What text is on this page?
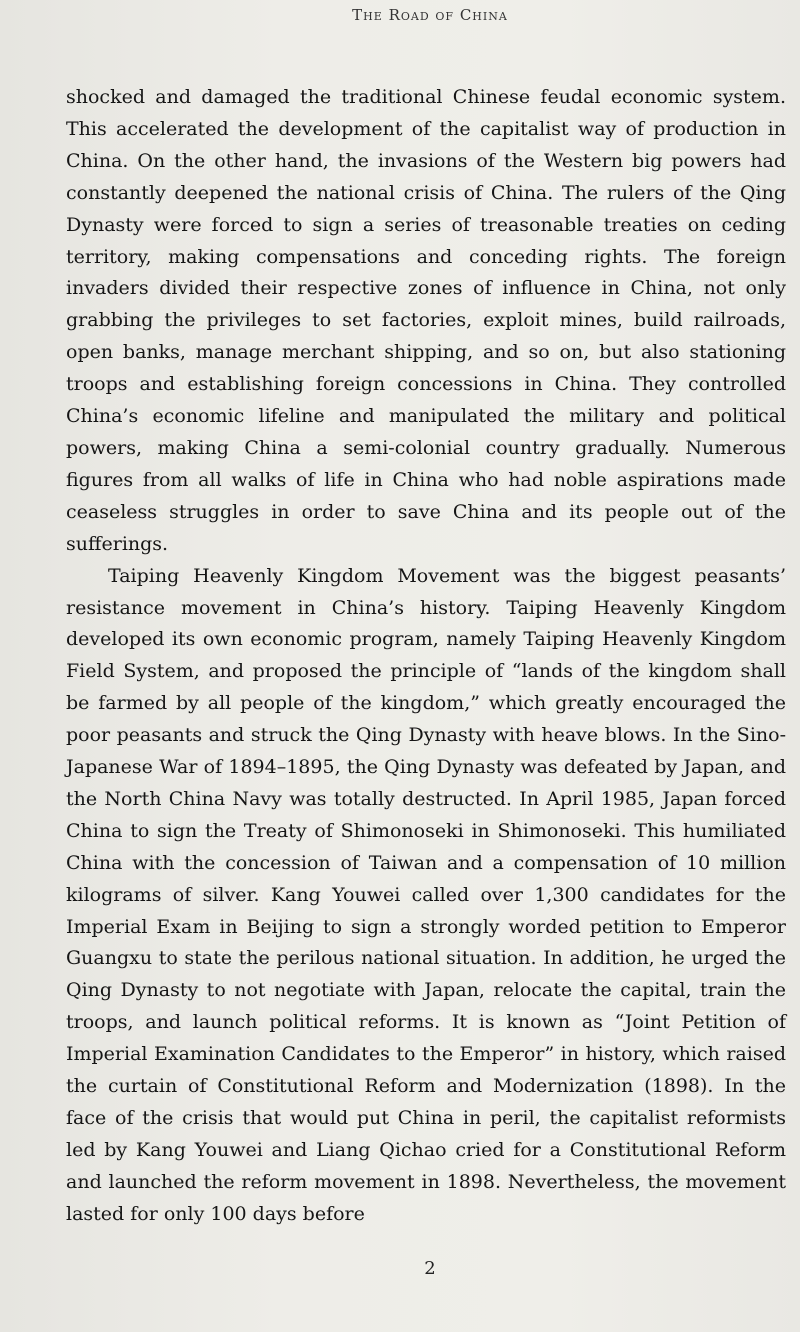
The Road of China

shocked and damaged the traditional Chinese feudal economic system. This accelerated the development of the capitalist way of production in China. On the other hand, the invasions of the Western big powers had constantly deepened the national crisis of China. The rulers of the Qing Dynasty were forced to sign a series of treasonable treaties on ceding territory, making compensations and conceding rights. The foreign invaders divided their respective zones of influence in China, not only grabbing the privileges to set factories, exploit mines, build railroads, open banks, manage merchant shipping, and so on, but also stationing troops and establishing foreign concessions in China. They controlled China’s economic lifeline and manipulated the military and political powers, making China a semi-colonial country gradually. Numerous figures from all walks of life in China who had noble aspirations made ceaseless struggles in order to save China and its people out of the sufferings.

Taiping Heavenly Kingdom Movement was the biggest peasants’ resistance movement in China’s history. Taiping Heavenly Kingdom developed its own economic program, namely Taiping Heavenly Kingdom Field System, and proposed the principle of “lands of the kingdom shall be farmed by all people of the kingdom,” which greatly encouraged the poor peasants and struck the Qing Dynasty with heave blows. In the Sino-Japanese War of 1894–1895, the Qing Dynasty was defeated by Japan, and the North China Navy was totally destructed. In April 1985, Japan forced China to sign the Treaty of Shimonoseki in Shimonoseki. This humiliated China with the concession of Taiwan and a compensation of 10 million kilograms of silver. Kang Youwei called over 1,300 candidates for the Imperial Exam in Beijing to sign a strongly worded petition to Emperor Guangxu to state the perilous national situation. In addition, he urged the Qing Dynasty to not negotiate with Japan, relocate the capital, train the troops, and launch political reforms. It is known as “Joint Petition of Imperial Examination Candidates to the Emperor” in history, which raised the curtain of Constitutional Reform and Modernization (1898). In the face of the crisis that would put China in peril, the capitalist reformists led by Kang Youwei and Liang Qichao cried for a Constitutional Reform and launched the reform movement in 1898. Nevertheless, the movement lasted for only 100 days before

2
